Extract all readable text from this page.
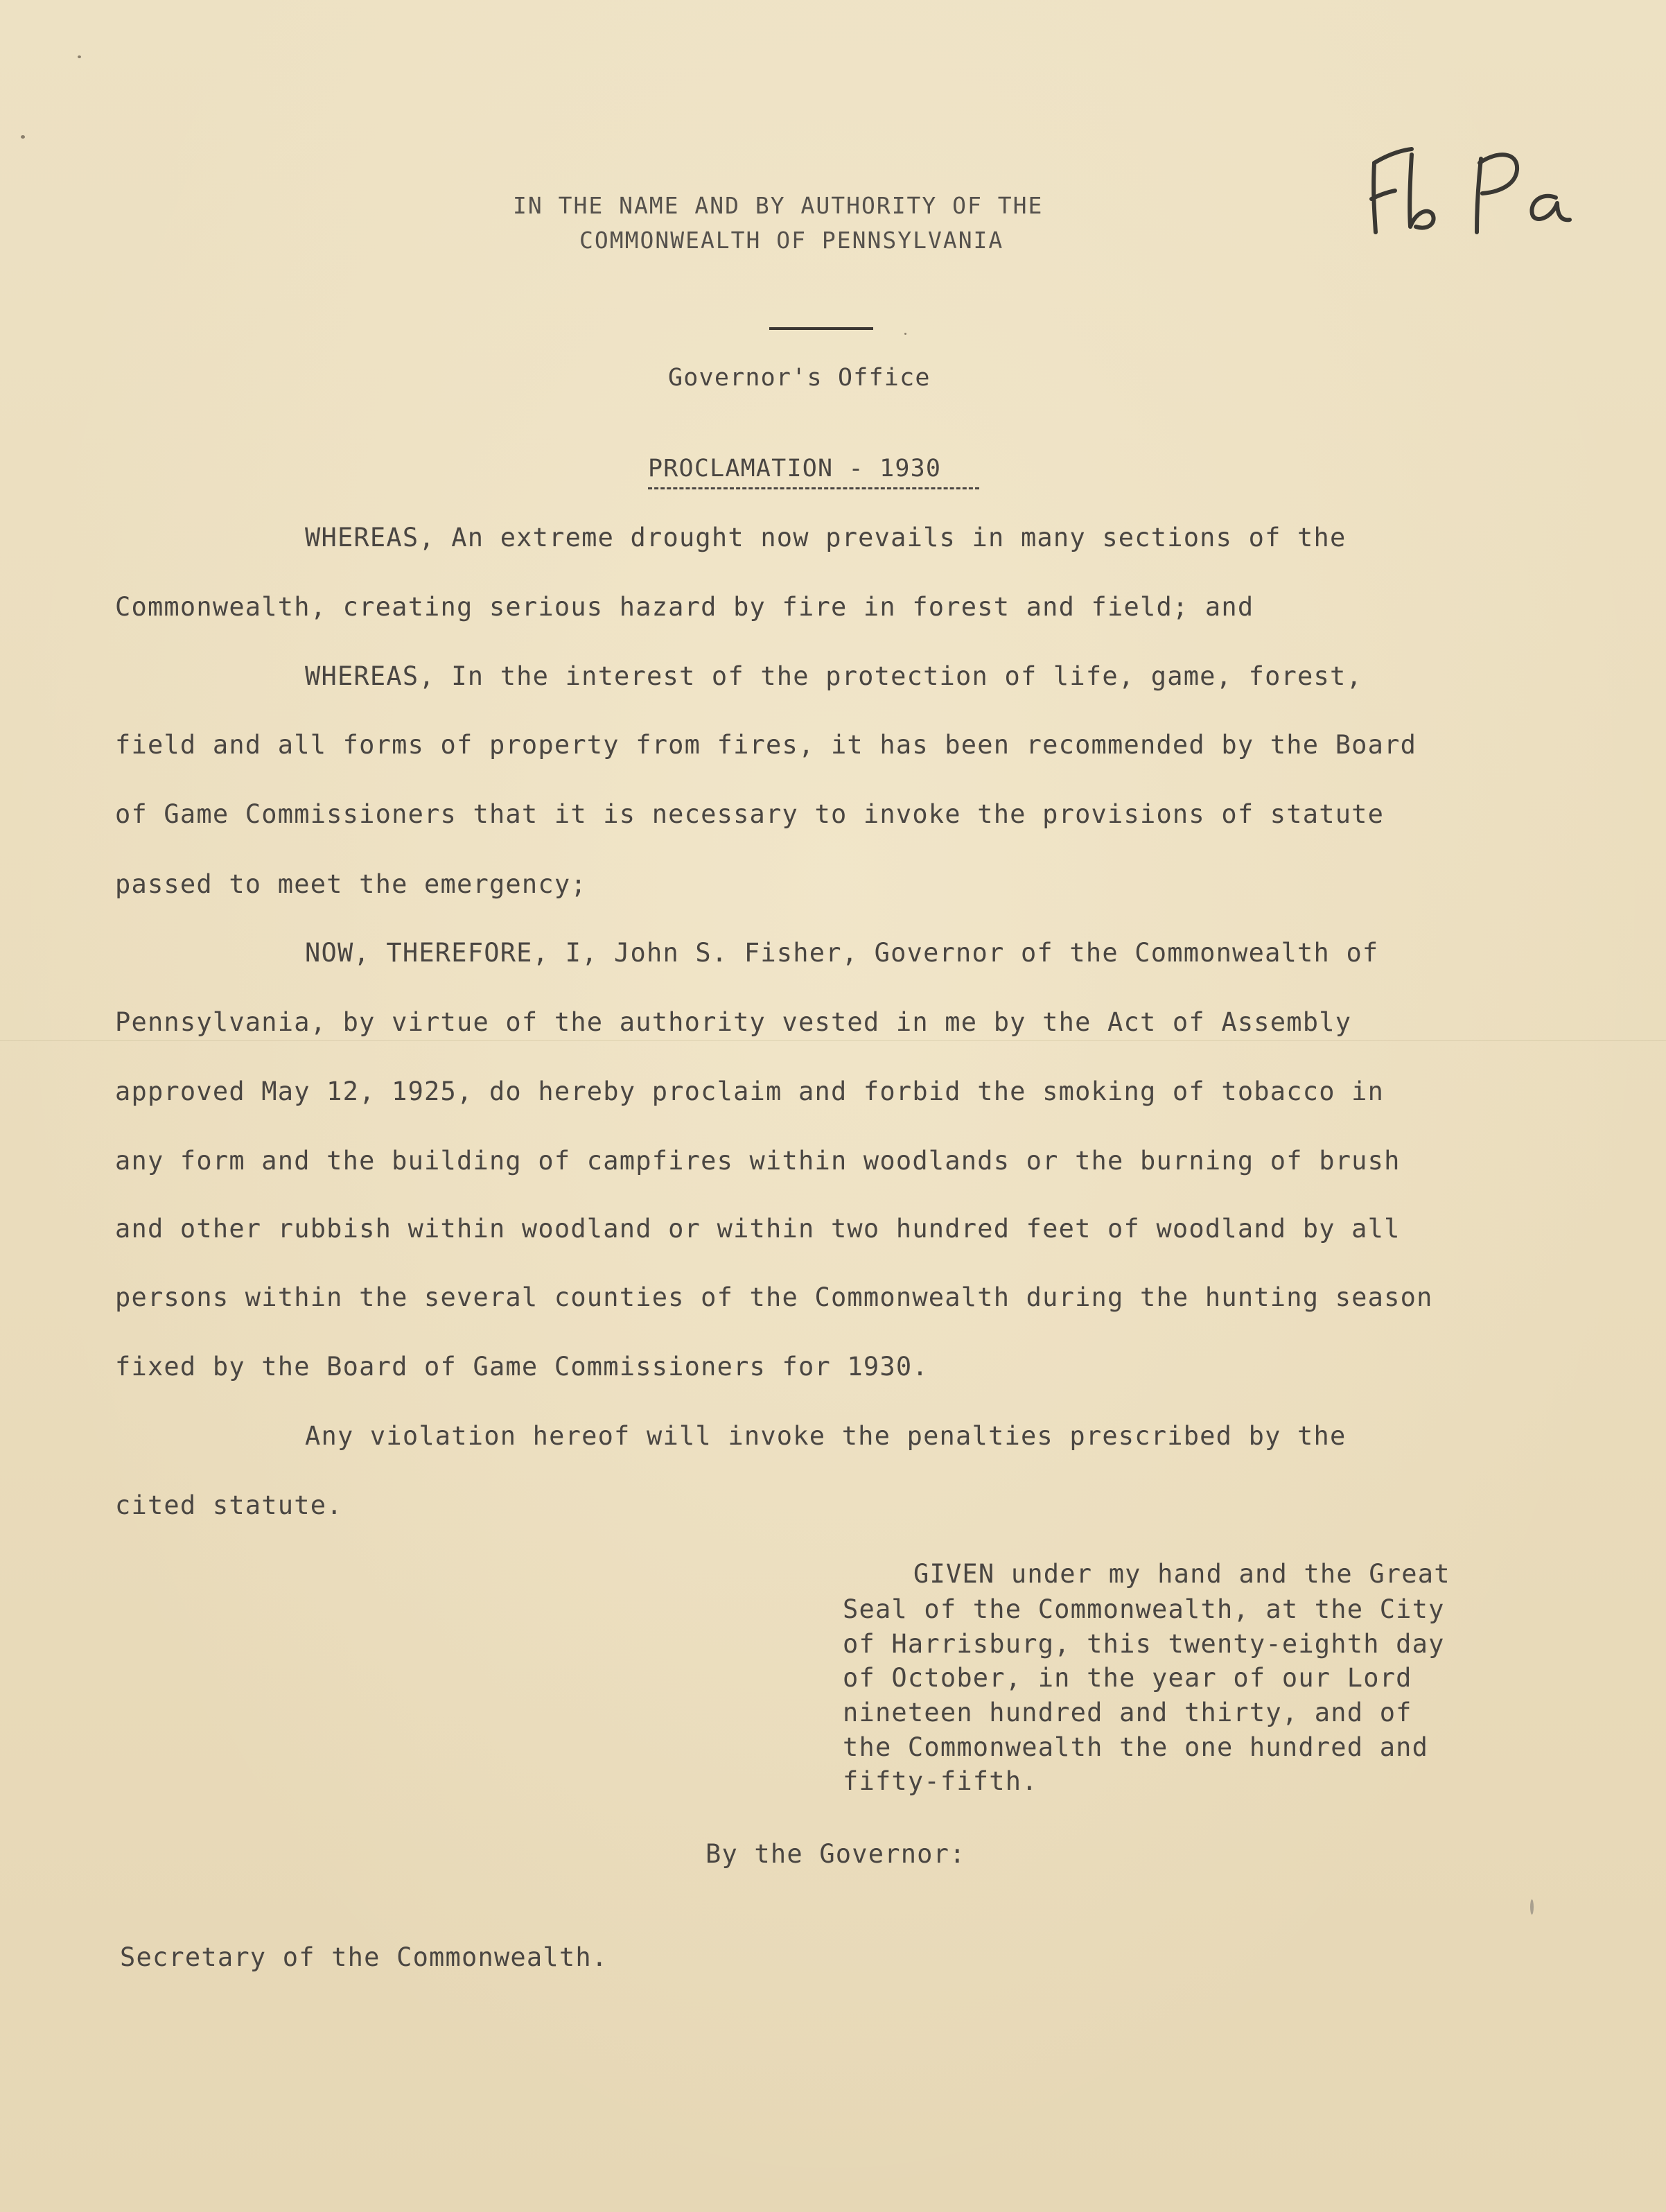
IN THE NAME AND BY AUTHORITY OF THE
COMMONWEALTH OF PENNSYLVANIA
Governor's Office
PROCLAMATION - 1930
WHEREAS, An extreme drought now prevails in many sections of the
Commonwealth, creating serious hazard by fire in forest and field; and
WHEREAS, In the interest of the protection of life, game, forest,
field and all forms of property from fires, it has been recommended by the Board
of Game Commissioners that it is necessary to invoke the provisions of statute
passed to meet the emergency;
NOW, THEREFORE, I, John S. Fisher, Governor of the Commonwealth of
Pennsylvania, by virtue of the authority vested in me by the Act of Assembly
approved May 12, 1925, do hereby proclaim and forbid the smoking of tobacco in
any form and the building of campfires within woodlands or the burning of brush
and other rubbish within woodland or within two hundred feet of woodland by all
persons within the several counties of the Commonwealth during the hunting season
fixed by the Board of Game Commissioners for 1930.
Any violation hereof will invoke the penalties prescribed by the
cited statute.
GIVEN under my hand and the Great
Seal of the Commonwealth, at the City
of Harrisburg, this twenty-eighth day
of October, in the year of our Lord
nineteen hundred and thirty, and of
the Commonwealth the one hundred and
fifty-fifth.
By the Governor:
Secretary of the Commonwealth.
